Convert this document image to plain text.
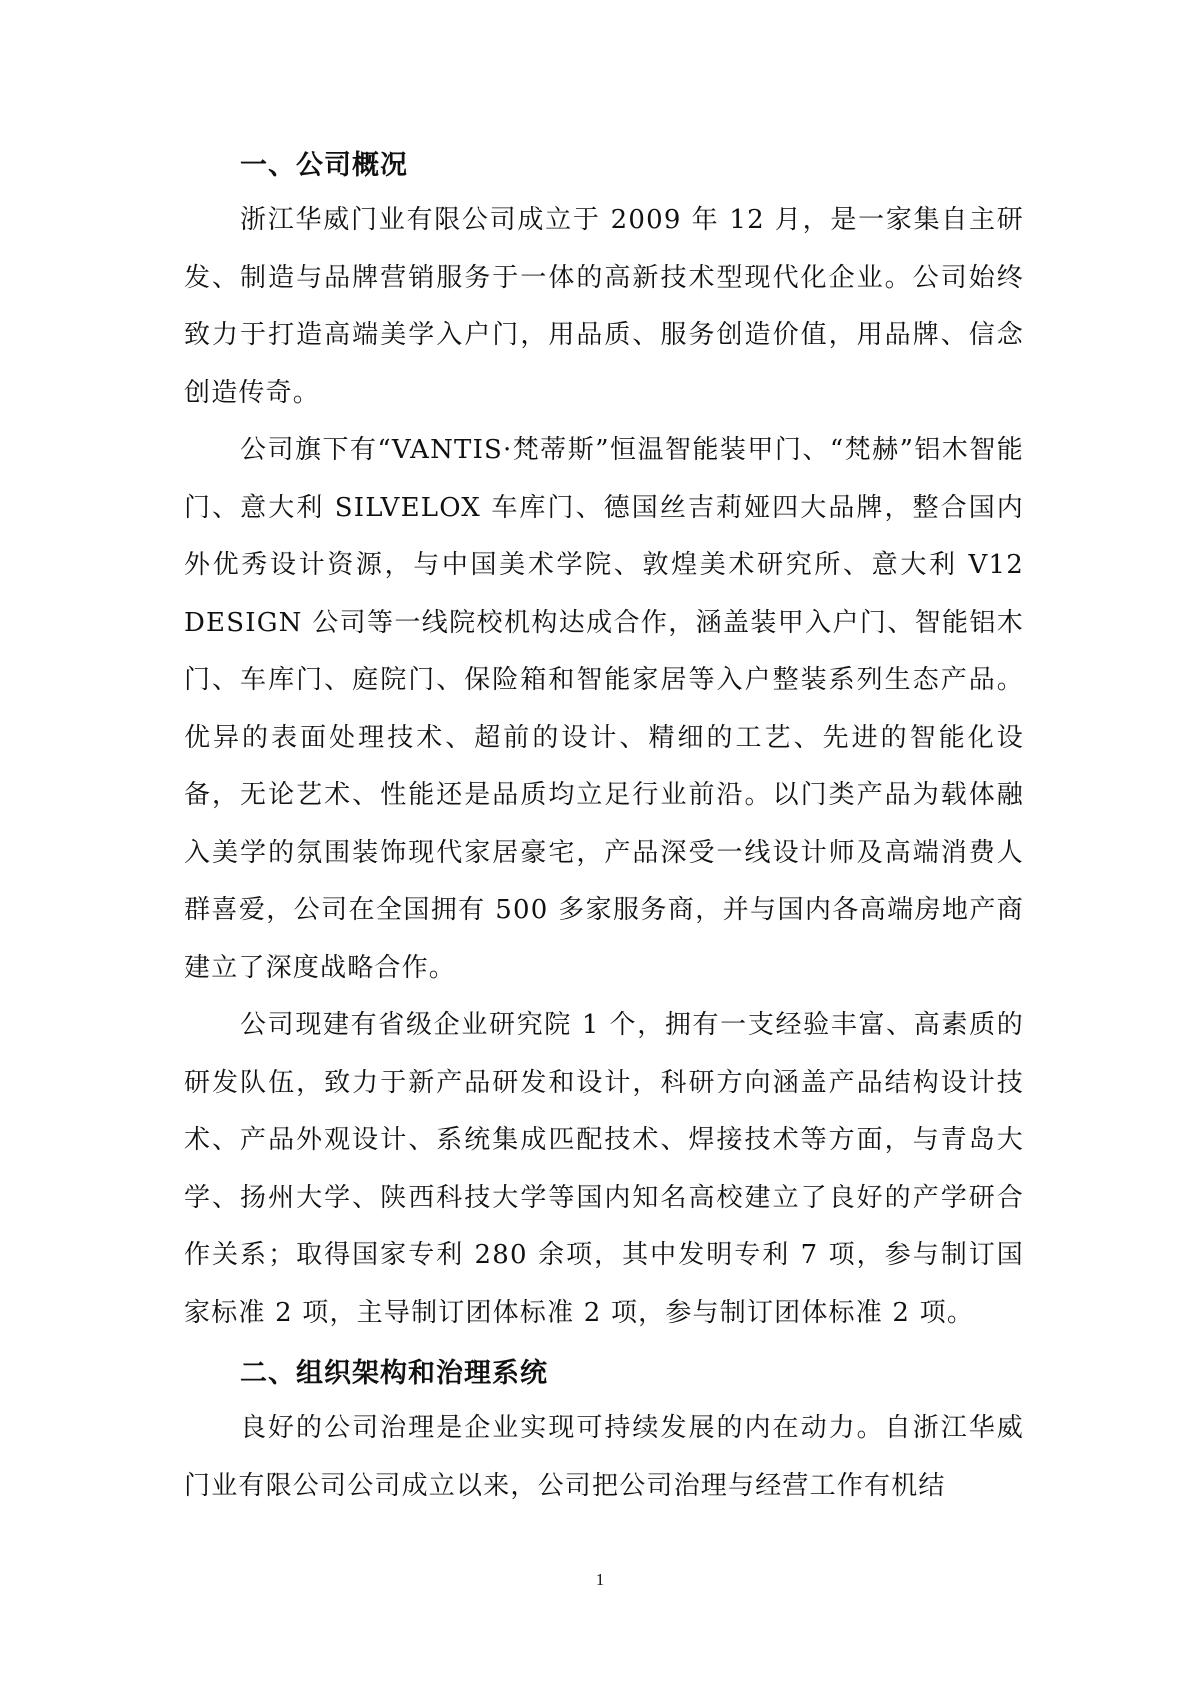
一、公司概况

浙江华威门业有限公司成立于 2009 年 12 月，是一家集自主研发、制造与品牌营销服务于一体的高新技术型现代化企业。公司始终致力于打造高端美学入户门，用品质、服务创造价值，用品牌、信念创造传奇。

公司旗下有“VANTIS·梵蒂斯”恒温智能装甲门、“梵赫”铝木智能门、意大利 SILVELOX 车库门、德国丝吉莉娅四大品牌，整合国内外优秀设计资源，与中国美术学院、敦煌美术研究所、意大利 V12 DESIGN 公司等一线院校机构达成合作，涵盖装甲入户门、智能铝木门、车库门、庭院门、保险箱和智能家居等入户整装系列生态产品。优异的表面处理技术、超前的设计、精细的工艺、先进的智能化设备，无论艺术、性能还是品质均立足行业前沿。以门类产品为载体融入美学的氛围装饰现代家居豪宅，产品深受一线设计师及高端消费人群喜爱，公司在全国拥有 500 多家服务商，并与国内各高端房地产商建立了深度战略合作。

公司现建有省级企业研究院 1 个，拥有一支经验丰富、高素质的研发队伍，致力于新产品研发和设计，科研方向涵盖产品结构设计技术、产品外观设计、系统集成匹配技术、焊接技术等方面，与青岛大学、扬州大学、陕西科技大学等国内知名高校建立了良好的产学研合作关系；取得国家专利 280 余项，其中发明专利 7 项，参与制订国家标准 2 项，主导制订团体标准 2 项，参与制订团体标准 2 项。

二、组织架构和治理系统

良好的公司治理是企业实现可持续发展的内在动力。自浙江华威门业有限公司公司成立以来，公司把公司治理与经营工作有机结

1
